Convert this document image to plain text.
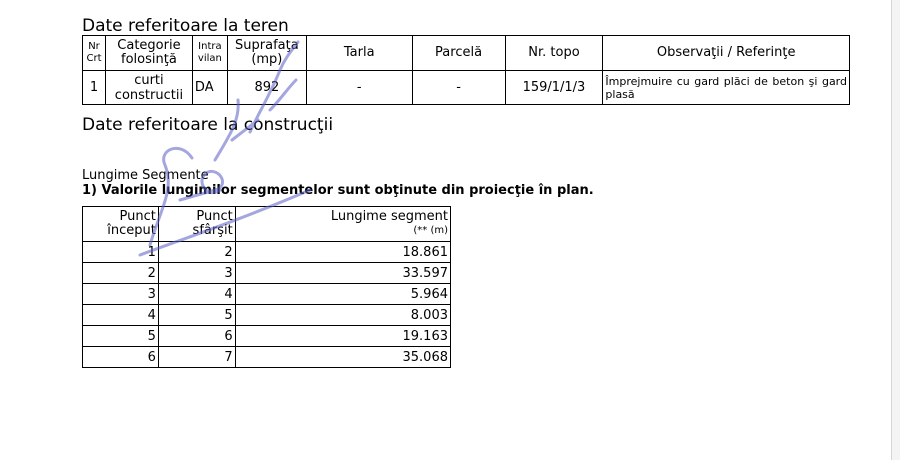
Date referitoare la teren
Nr Crt	Categorie folosinţă	Intra vilan	Suprafaţa (mp)	Tarla	Parcelă	Nr. topo	Observaţii / Referinţe
1	curti constructii	DA	892	-	-	159/1/1/3	Împrejmuire cu gard plăci de beton şi gard plasă
Date referitoare la construcţii

Lungime Segmente

1) Valorile lungimilor segmentelor sunt obţinute din proiecţie în plan.

Punct început	Punct sfârşit	Lungime segment
(** (m)

1	2	18.861
2	3	33.597
3	4	5.964
4	5	8.003
5	6	19.163
6	7	35.068
